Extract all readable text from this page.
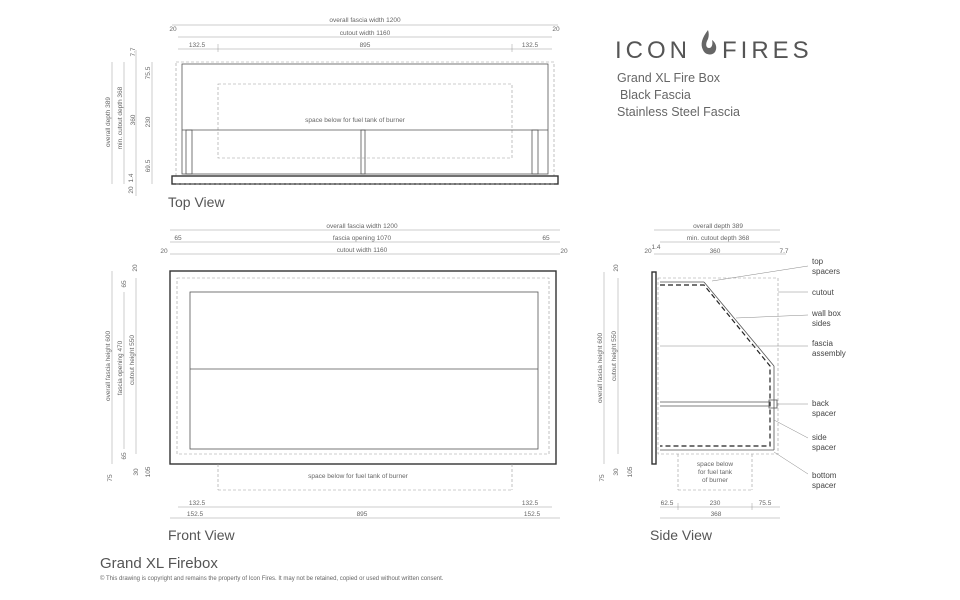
ICON FIRES
Grand XL Fire Box
Black Fascia
Stainless Steel Fascia
overall fascia width 1200
20	20
cutout width 1160
132.5	895	132.5
space below for fuel tank of burner
overall depth 389 min. cutout depth 368
7.7
75.5
360 230
69.5
20
1.4
Top View
overall fascia width 1200
65	fascia opening 1070	65
20	cutout width 1160	20
space below for fuel tank of burner
overall fascia height 600 fascia opening 470 cutout height 550
20
65
65
30 105
75
132.5	132.5
152.5	895	152.5
Front View
overall depth 389
min. cutout depth 368
1.4
360	7.7
20
space below
for fuel tank
of burner
overall fascia height 600 cutout height 550
20
30 105
75
62.5	230	75.5
368
top
spacers
cutout
wall box
sides
fascia
assembly
back
spacer
side
spacer
bottom
spacer
Side View
Grand XL Firebox
© This drawing is copyright and remains the property of Icon Fires. It may not be retained, copied or used without written consent.
